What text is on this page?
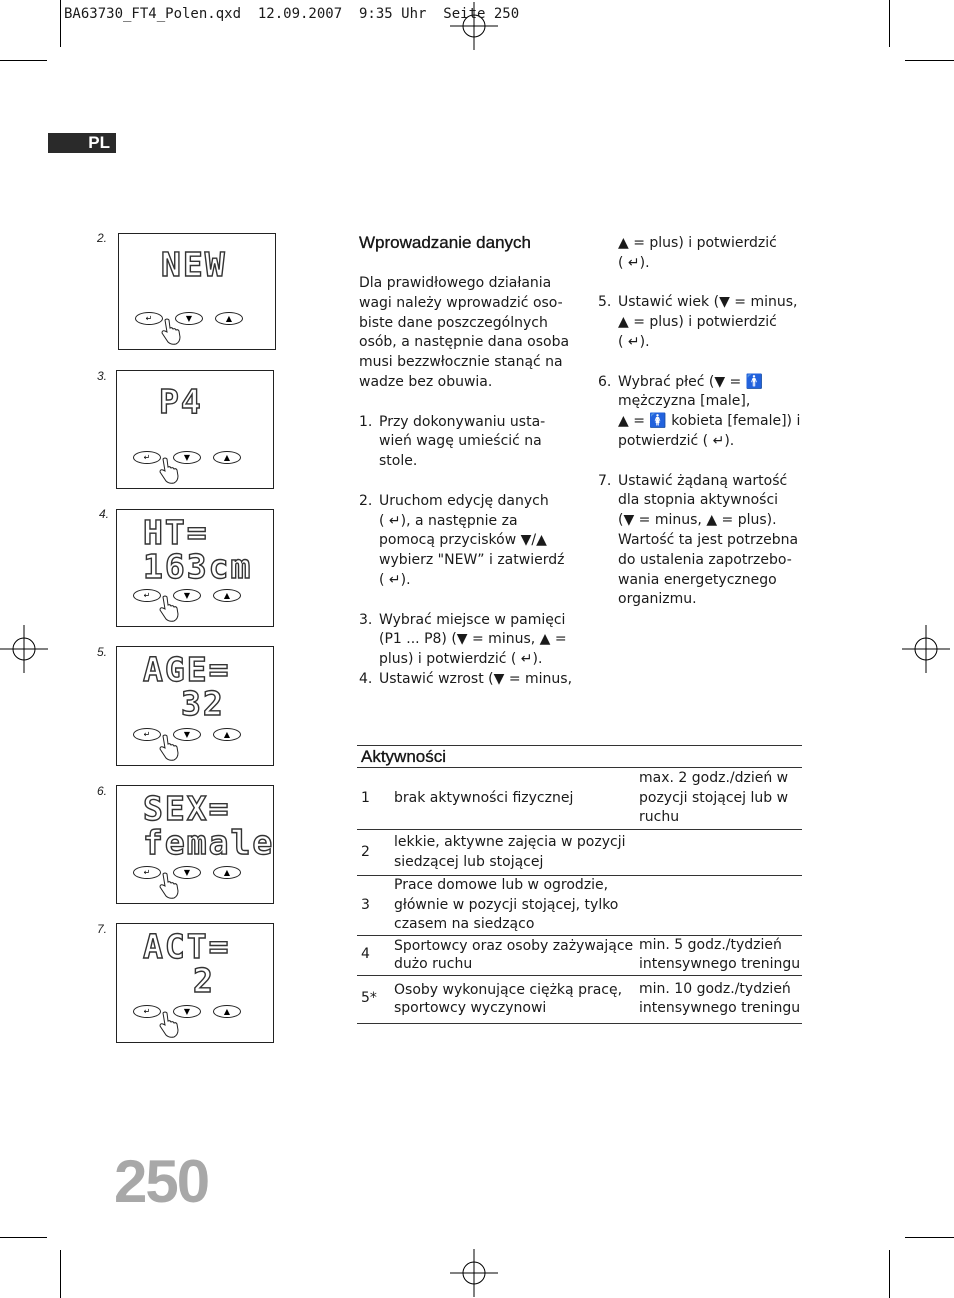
BA63730_FT4_Polen.qxd  12.09.2007  9:35 Uhr  Seite 250
PL
2.
NEW
↵	▼	▲
3.
P4
↵	▼	▲
4. HT=
163cm
↵	▼	▲
5. AGE=
32
↵	▼	▲
6. SEX=
female
↵	▼	▲
7. ACT=
2
↵	▼	▲
Wprowadzanie danych

Dla prawidłowego działania

wagi należy wprowadzić oso-

biste dane poszczególnych

osób, a następnie dana osoba

musi bezzwłocznie stanąć na

wadze bez obuwia.

1. Przy dokonywaniu usta-

wień wagę umieścić na

stole.

2. Uruchom edycję danych

( ↵), a następnie za

pomocą przycisków ▼/▲

wybierz "NEW” i zatwierdź

( ↵).

3. Wybrać miejsce w pamięci

(P1 ... P8) (▼ = minus, ▲ =

plus) i potwierdzić ( ↵).

4. Ustawić wzrost (▼ = minus,

▲ = plus) i potwierdzić

( ↵).

5. Ustawić wiek (▼ = minus,

▲ = plus) i potwierdzić

( ↵).

6. Wybrać płeć (▼ = 🚹

mężczyzna [male],

▲ = 🚺 kobieta [female]) i

potwierdzić ( ↵).

7. Ustawić żądaną wartość

dla stopnia aktywności

(▼ = minus, ▲ = plus).

Wartość ta jest potrzebna

do ustalenia zapotrzebo-

wania energetycznego

organizmu.

Aktywności		
1	brak aktywności fizycznej	max. 2 godz./dzień w pozycji stojącej lub w ruchu
2	lekkie, aktywne zajęcia w pozycji siedzącej lub stojącej	
3	Prace domowe lub w ogrodzie, głównie w pozycji stojącej, tylko czasem na siedząco	
4	Sportowcy oraz osoby zażywające dużo ruchu	min. 5 godz./tydzień intensywnego treningu
5*	Osoby wykonujące ciężką pracę, sportowcy wyczynowi	min. 10 godz./tydzień intensywnego treningu
250
